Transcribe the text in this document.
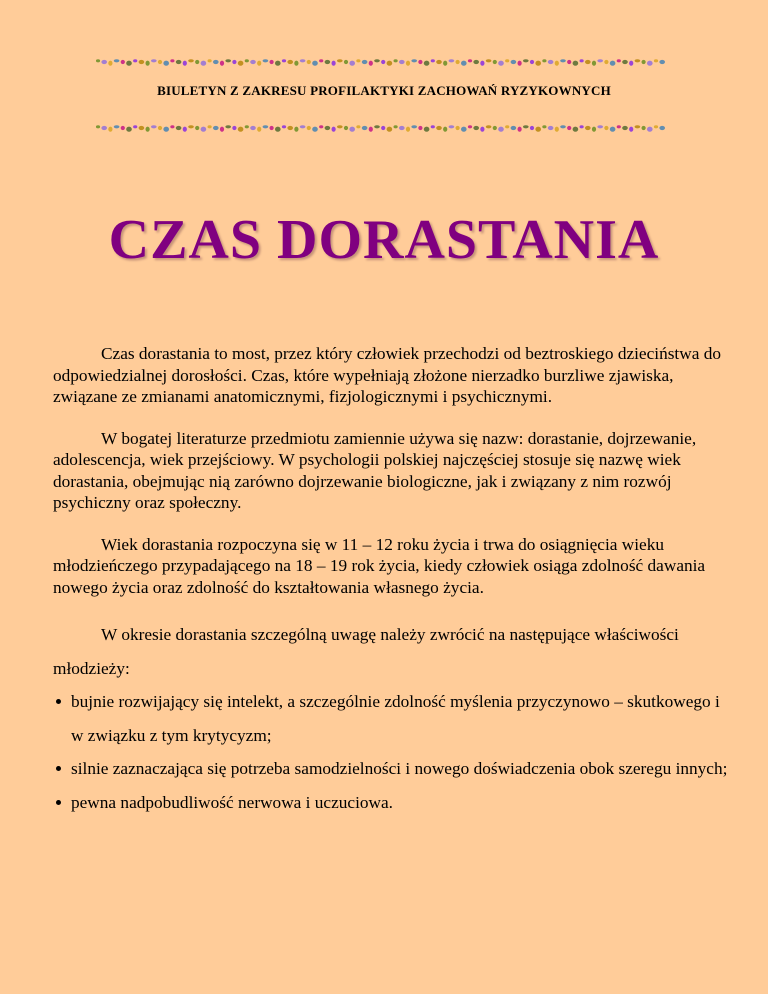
BIULETYN Z ZAKRESU PROFILAKTYKI ZACHOWAŃ RYZYKOWNYCH
CZAS DORASTANIA

Czas dorastania to most, przez który człowiek przechodzi od beztroskiego dzieciństwa do odpowiedzialnej dorosłości. Czas, które wypełniają złożone nierzadko burzliwe zjawiska, związane ze zmianami anatomicznymi, fizjologicznymi i psychicznymi.

W bogatej literaturze przedmiotu zamiennie używa się nazw: dorastanie, dojrzewanie, adolescencja, wiek przejściowy. W psychologii polskiej najczęściej stosuje się nazwę wiek dorastania, obejmując nią zarówno dojrzewanie biologiczne, jak i związany z nim rozwój psychiczny oraz społeczny.

Wiek dorastania rozpoczyna się w 11 – 12 roku życia i trwa do osiągnięcia wieku młodzieńczego przypadającego na 18 – 19 rok życia, kiedy człowiek osiąga zdolność dawania nowego życia oraz zdolność do kształtowania własnego życia.

W okresie dorastania szczególną uwagę należy zwrócić na następujące właściwości młodzieży:

bujnie rozwijający się intelekt, a szczególnie zdolność myślenia przyczynowo – skutkowego i w związku z tym krytycyzm;
silnie zaznaczająca się potrzeba samodzielności i nowego doświadczenia obok szeregu innych;
pewna nadpobudliwość nerwowa i uczuciowa.
